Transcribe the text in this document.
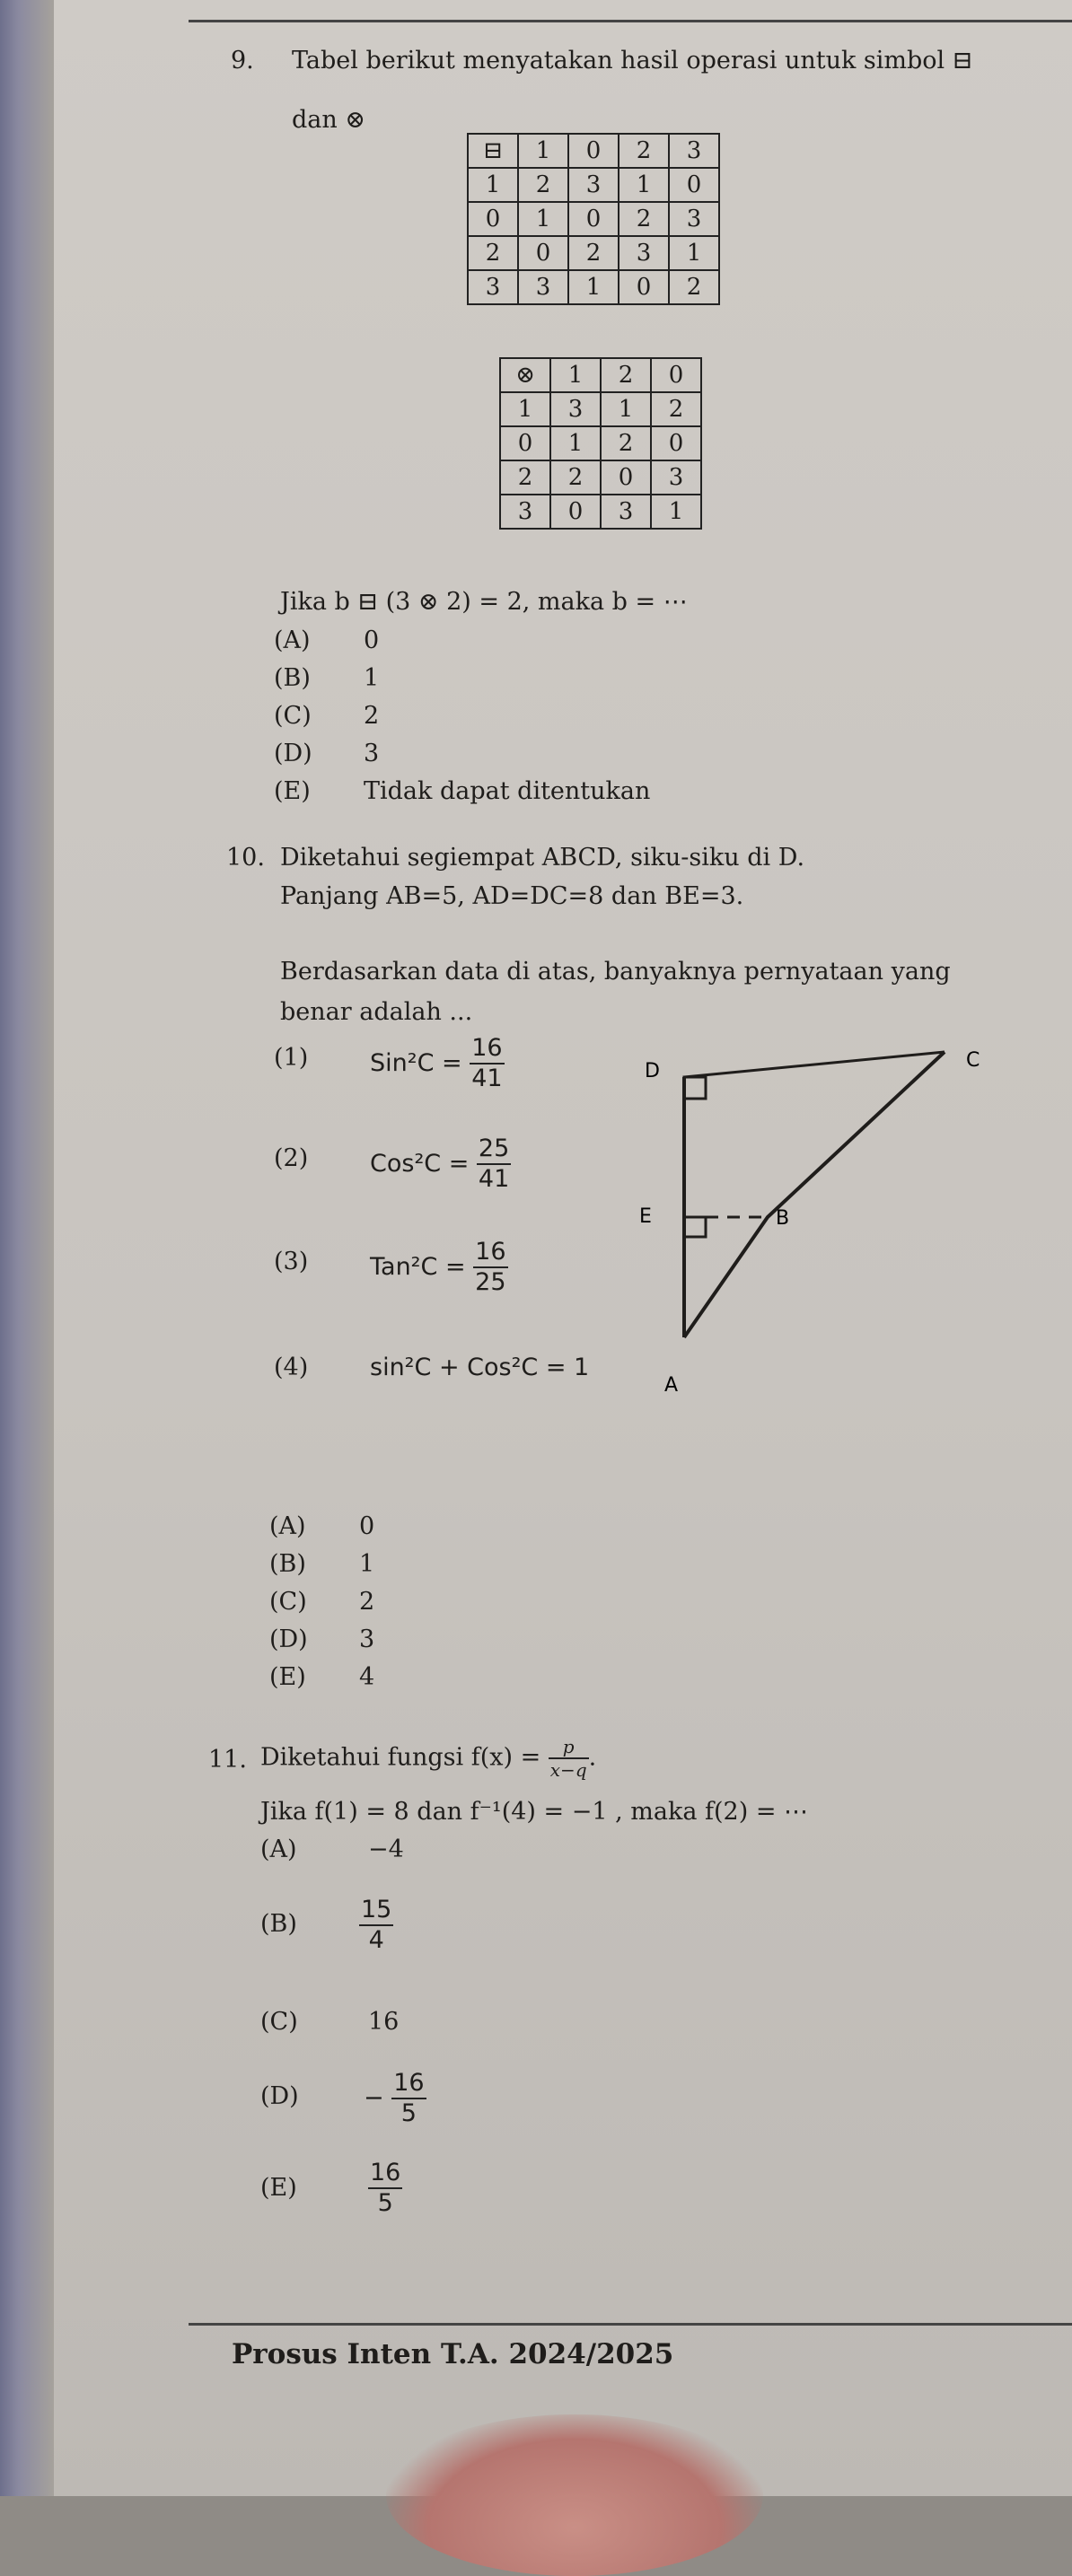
9. Tabel berikut menyatakan hasil operasi untuk simbol ⊟
dan ⊗
⊟	1	0	2	3
1	2	3	1	0
0	1	0	2	3
2	0	2	3	1
3	3	1	0	2
⊗	1	2	0
1	3	1	2
0	1	2	0
2	2	0	3
3	0	3	1
Jika b ⊟ (3 ⊗ 2) = 2, maka b = ⋯
(A) 0
(B) 1
(C) 2
(D) 3
(E) Tidak dapat ditentukan
10. Diketahui segiempat ABCD, siku-siku di D.
Panjang AB=5, AD=DC=8 dan BE=3.
Berdasarkan data di atas, banyaknya pernyataan yang
benar adalah ...
(1)	$Sin^2C = \frac{16}{41}$
(2)	$Cos^2C = \frac{25}{41}$
(3)	$Tan^2C = \frac{16}{25}$
(4)	sin²C + Cos²C = 1
D	C
E	B
A
(A) 0
(B) 1
(C) 2
(D) 3
(E) 4
11. Diketahui fungsi $f(x) = \frac{p}{x-q}$ .
Jika f(1) = 8 dan f⁻¹(4) = −1 , maka f(2) = ⋯
(A)	−4
(B)	$\frac{15}{4}$
(C)	16
(D)	− $\frac{16}{5}$
(E)	$\frac{16}{5}$
Prosus Inten T.A. 2024/2025
